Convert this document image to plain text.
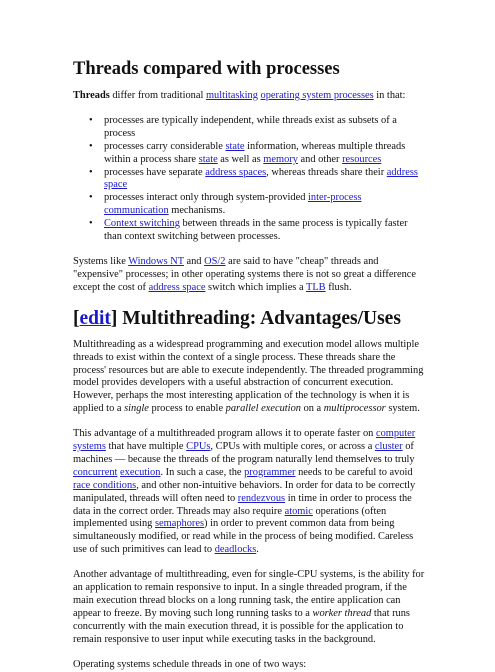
Threads compared with processes

Threads differ from traditional multitasking operating system processes in that:

• processes are typically independent, while threads exist as subsets of a process
• processes carry considerable state information, whereas multiple threads within a process share state as well as memory and other resources
• processes have separate address spaces, whereas threads share their address space
• processes interact only through system-provided inter-process communication mechanisms.
• Context switching between threads in the same process is typically faster than context switching between processes.

Systems like Windows NT and OS/2 are said to have "cheap" threads and "expensive" processes; in other operating systems there is not so great a difference except the cost of address space switch which implies a TLB flush.

[edit] Multithreading: Advantages/Uses

Multithreading as a widespread programming and execution model allows multiple threads to exist within the context of a single process. These threads share the process' resources but are able to execute independently. The threaded programming model provides developers with a useful abstraction of concurrent execution. However, perhaps the most interesting application of the technology is when it is applied to a single process to enable parallel execution on a multiprocessor system.

This advantage of a multithreaded program allows it to operate faster on computer systems that have multiple CPUs, CPUs with multiple cores, or across a cluster of machines — because the threads of the program naturally lend themselves to truly concurrent execution. In such a case, the programmer needs to be careful to avoid race conditions, and other non-intuitive behaviors. In order for data to be correctly manipulated, threads will often need to rendezvous in time in order to process the data in the correct order. Threads may also require atomic operations (often implemented using semaphores) in order to prevent common data from being simultaneously modified, or read while in the process of being modified. Careless use of such primitives can lead to deadlocks.

Another advantage of multithreading, even for single-CPU systems, is the ability for an application to remain responsive to input. In a single threaded program, if the main execution thread blocks on a long running task, the entire application can appear to freeze. By moving such long running tasks to a worker thread that runs concurrently with the main execution thread, it is possible for the application to remain responsive to user input while executing tasks in the background.

Operating systems schedule threads in one of two ways:
